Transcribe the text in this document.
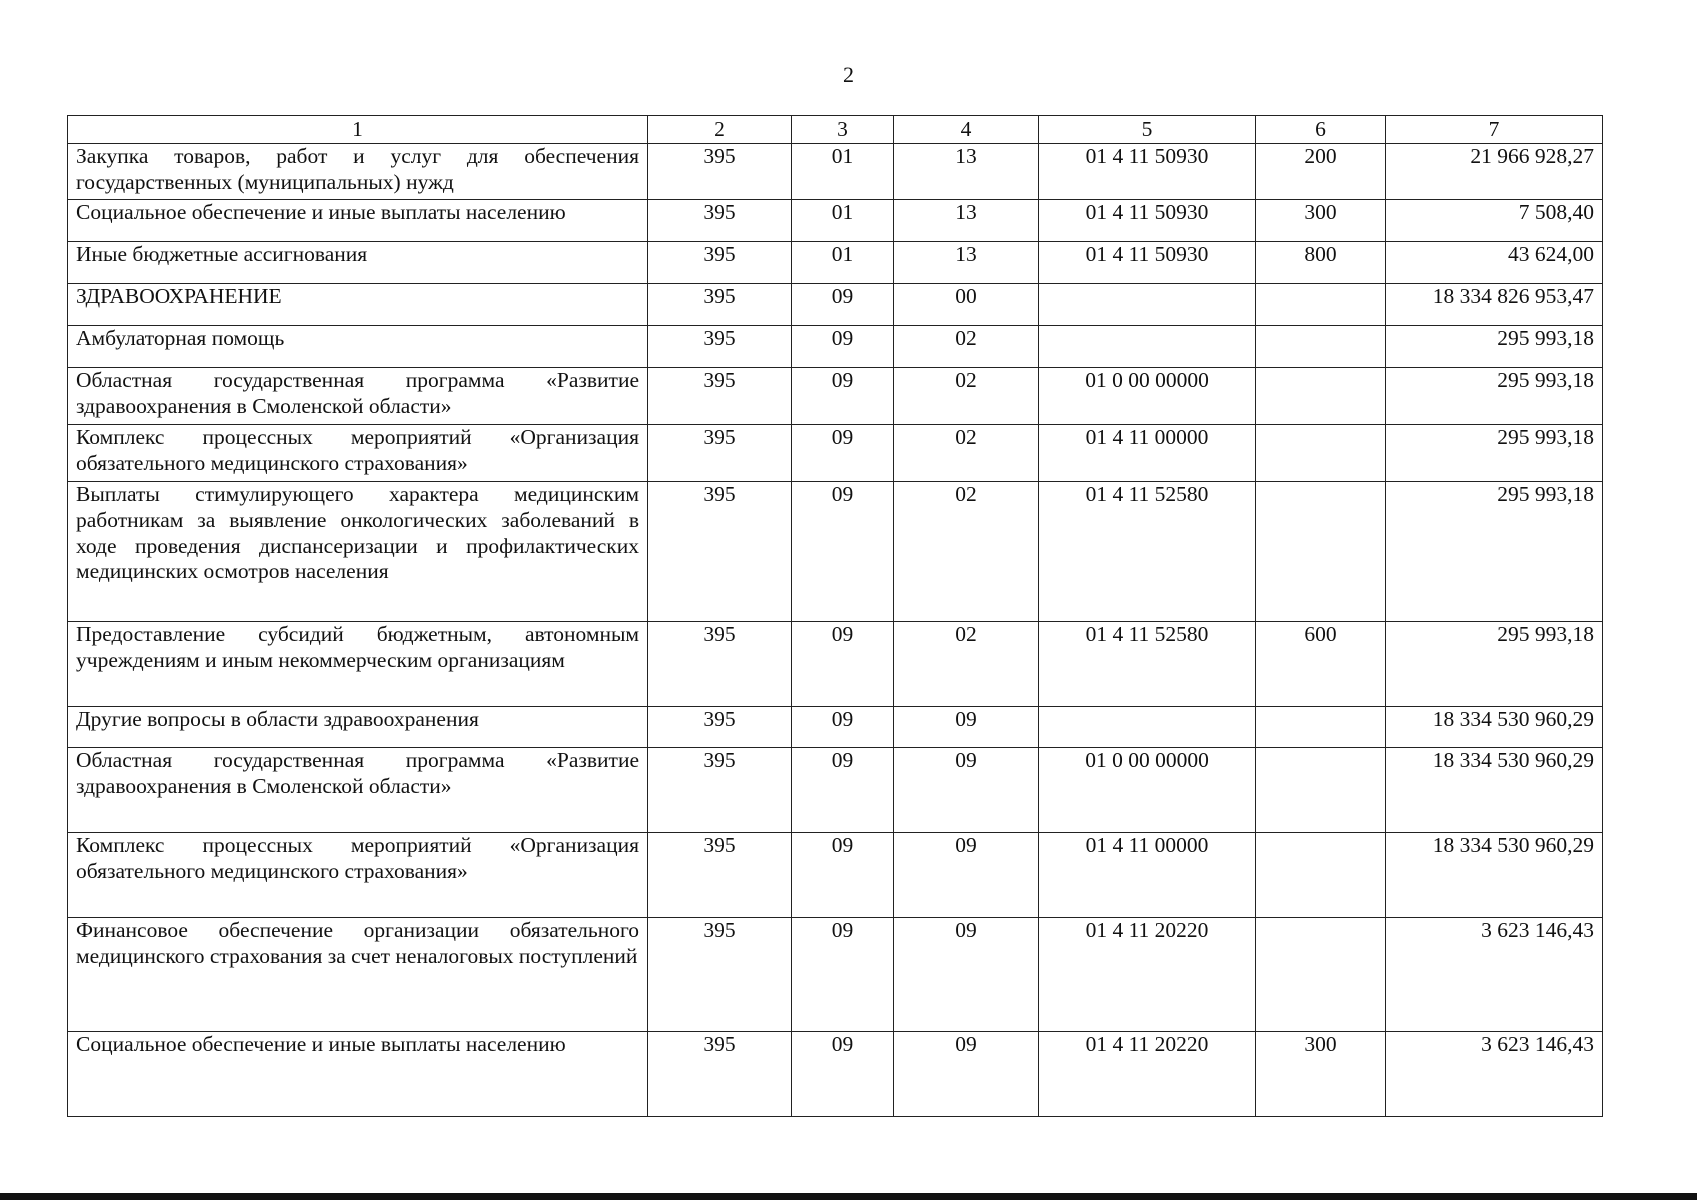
2
1	2	3	4	5	6	7
Закупка товаров, работ и услуг для обеспечения государственных (муниципальных) нужд	395	01	13	01 4 11 50930	200	21 966 928,27
Социальное обеспечение и иные выплаты населению	395	01	13	01 4 11 50930	300	7 508,40
Иные бюджетные ассигнования	395	01	13	01 4 11 50930	800	43 624,00
ЗДРАВООХРАНЕНИЕ	395	09	00			18 334 826 953,47
Амбулаторная помощь	395	09	02			295 993,18
Областная государственная программа «Развитие здравоохранения в Смоленской области»	395	09	02	01 0 00 00000		295 993,18
Комплекс процессных мероприятий «Организация обязательного медицинского страхования»	395	09	02	01 4 11 00000		295 993,18
Выплаты стимулирующего характера медицинским работникам за выявление онкологических заболеваний в ходе проведения диспансеризации и профилактических медицинских осмотров населения	395	09	02	01 4 11 52580		295 993,18
Предоставление субсидий бюджетным, автономным учреждениям и иным некоммерческим организациям	395	09	02	01 4 11 52580	600	295 993,18
Другие вопросы в области здравоохранения	395	09	09			18 334 530 960,29
Областная государственная программа «Развитие здравоохранения в Смоленской области»	395	09	09	01 0 00 00000		18 334 530 960,29
Комплекс процессных мероприятий «Организация обязательного медицинского страхования»	395	09	09	01 4 11 00000		18 334 530 960,29
Финансовое обеспечение организации обязательного медицинского страхования за счет неналоговых поступлений	395	09	09	01 4 11 20220		3 623 146,43
Социальное обеспечение и иные выплаты населению	395	09	09	01 4 11 20220	300	3 623 146,43
